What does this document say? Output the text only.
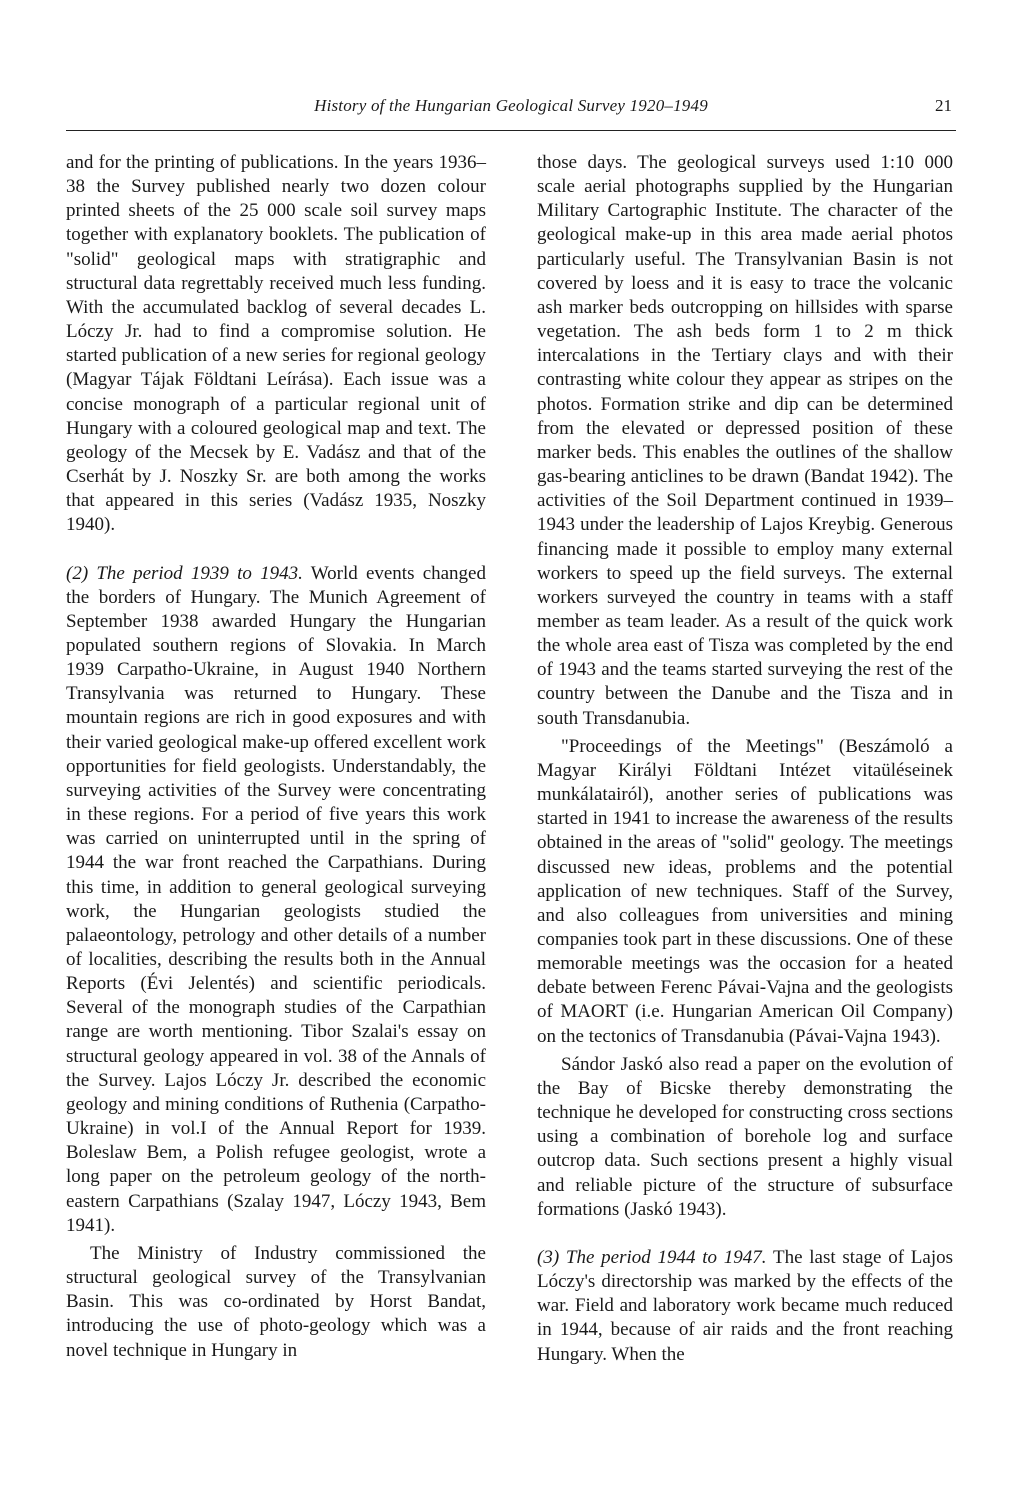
History of the Hungarian Geological Survey 1920–1949	21

and for the printing of publications. In the years 1936–38 the Survey published nearly two dozen colour printed sheets of the 25 000 scale soil survey maps together with explanatory booklets. The publication of "solid" geological maps with stratigraphic and structural data regrettably received much less funding. With the accumulated backlog of several decades L. Lóczy Jr. had to find a compromise solution. He started publication of a new series for regional geology (Magyar Tájak Földtani Leírása). Each issue was a concise monograph of a particular regional unit of Hungary with a coloured geological map and text. The geology of the Mecsek by E. Vadász and that of the Cserhát by J. Noszky Sr. are both among the works that appeared in this series (Vadász 1935, Noszky 1940).

(2) The period 1939 to 1943. World events changed the borders of Hungary. The Munich Agreement of September 1938 awarded Hungary the Hungarian populated southern regions of Slovakia. In March 1939 Carpatho-Ukraine, in August 1940 Northern Transylvania was returned to Hungary. These mountain regions are rich in good exposures and with their varied geological make-up offered excellent work opportunities for field geologists. Understandably, the surveying activities of the Survey were concentrating in these regions. For a period of five years this work was carried on uninterrupted until in the spring of 1944 the war front reached the Carpathians. During this time, in addition to general geological surveying work, the Hungarian geologists studied the palaeontology, petrology and other details of a number of localities, describing the results both in the Annual Reports (Évi Jelentés) and scientific periodicals. Several of the monograph studies of the Carpathian range are worth mentioning. Tibor Szalai's essay on structural geology appeared in vol. 38 of the Annals of the Survey. Lajos Lóczy Jr. described the economic geology and mining conditions of Ruthenia (Carpatho-Ukraine) in vol.I of the Annual Report for 1939. Boleslaw Bem, a Polish refugee geologist, wrote a long paper on the petroleum geology of the north-eastern Carpathians (Szalay 1947, Lóczy 1943, Bem 1941).

The Ministry of Industry commissioned the structural geological survey of the Transylvanian Basin. This was co-ordinated by Horst Bandat, introducing the use of photo-geology which was a novel technique in Hungary in

those days. The geological surveys used 1:10 000 scale aerial photographs supplied by the Hungarian Military Cartographic Institute. The character of the geological make-up in this area made aerial photos particularly useful. The Transylvanian Basin is not covered by loess and it is easy to trace the volcanic ash marker beds outcropping on hillsides with sparse vegetation. The ash beds form 1 to 2 m thick intercalations in the Tertiary clays and with their contrasting white colour they appear as stripes on the photos. Formation strike and dip can be determined from the elevated or depressed position of these marker beds. This enables the outlines of the shallow gas-bearing anticlines to be drawn (Bandat 1942). The activities of the Soil Department continued in 1939–1943 under the leadership of Lajos Kreybig. Generous financing made it possible to employ many external workers to speed up the field surveys. The external workers surveyed the country in teams with a staff member as team leader. As a result of the quick work the whole area east of Tisza was completed by the end of 1943 and the teams started surveying the rest of the country between the Danube and the Tisza and in south Transdanubia.

"Proceedings of the Meetings" (Beszámoló a Magyar Királyi Földtani Intézet vitaüléseinek munkálatairól), another series of publications was started in 1941 to increase the awareness of the results obtained in the areas of "solid" geology. The meetings discussed new ideas, problems and the potential application of new techniques. Staff of the Survey, and also colleagues from universities and mining companies took part in these discussions. One of these memorable meetings was the occasion for a heated debate between Ferenc Pávai-Vajna and the geologists of MAORT (i.e. Hungarian American Oil Company) on the tectonics of Transdanubia (Pávai-Vajna 1943).

Sándor Jaskó also read a paper on the evolution of the Bay of Bicske thereby demonstrating the technique he developed for constructing cross sections using a combination of borehole log and surface outcrop data. Such sections present a highly visual and reliable picture of the structure of subsurface formations (Jaskó 1943).

(3) The period 1944 to 1947. The last stage of Lajos Lóczy's directorship was marked by the effects of the war. Field and laboratory work became much reduced in 1944, because of air raids and the front reaching Hungary. When the
